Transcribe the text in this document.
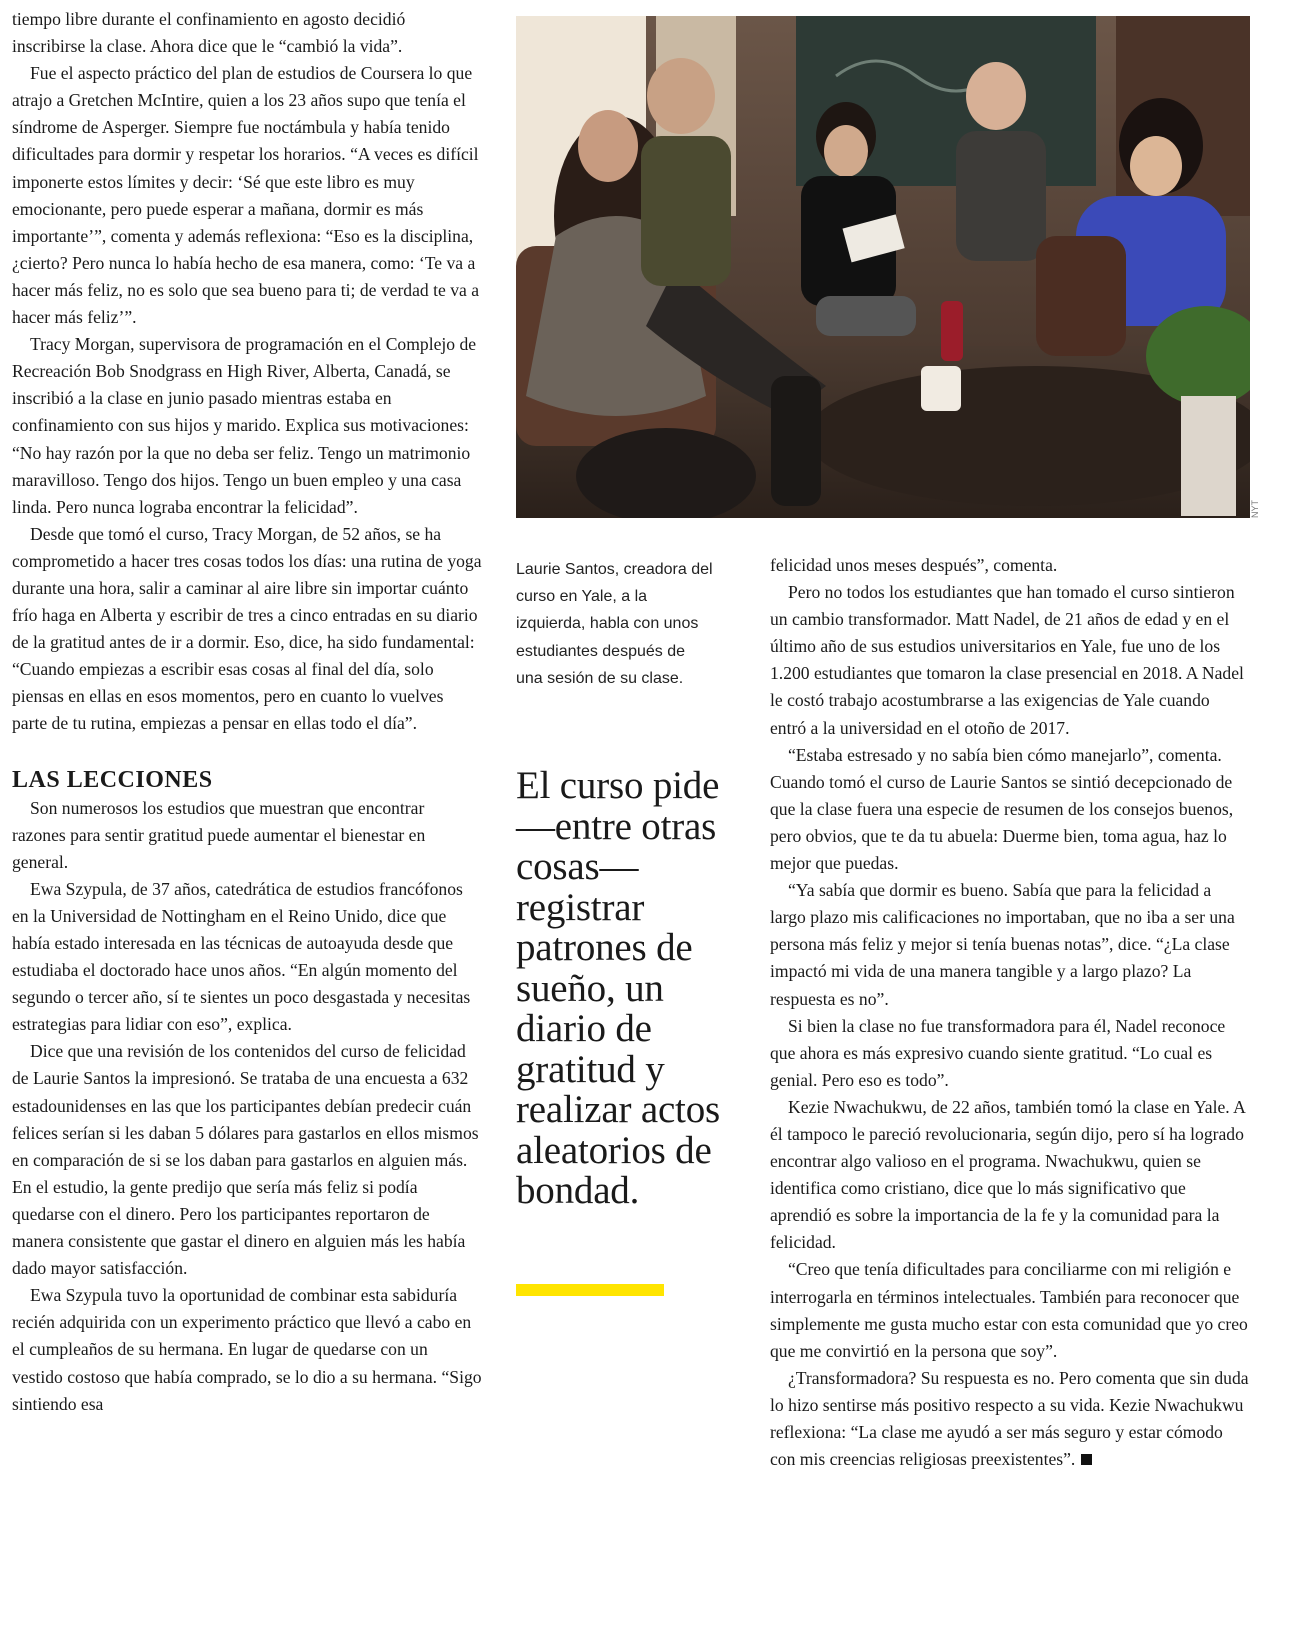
tiempo libre durante el confinamiento en agosto decidió inscribirse la clase. Ahora dice que le “cambió la vida”.

Fue el aspecto práctico del plan de estudios de Coursera lo que atrajo a Gretchen McIntire, quien a los 23 años supo que tenía el síndrome de Asperger. Siempre fue noctámbula y había tenido dificultades para dormir y respetar los horarios. “A veces es difícil imponerte estos límites y decir: ‘Sé que este libro es muy emocionante, pero puede esperar a mañana, dormir es más importante’”, comenta y además reflexiona: “Eso es la disciplina, ¿cierto? Pero nunca lo había hecho de esa manera, como: ‘Te va a hacer más feliz, no es solo que sea bueno para ti; de verdad te va a hacer más feliz’”.

Tracy Morgan, supervisora de programación en el Complejo de Recreación Bob Snodgrass en High River, Alberta, Canadá, se inscribió a la clase en junio pasado mientras estaba en confinamiento con sus hijos y marido. Explica sus motivaciones: “No hay razón por la que no deba ser feliz. Tengo un matrimonio maravilloso. Tengo dos hijos. Tengo un buen empleo y una casa linda. Pero nunca lograba encontrar la felicidad”.

Desde que tomó el curso, Tracy Morgan, de 52 años, se ha comprometido a hacer tres cosas todos los días: una rutina de yoga durante una hora, salir a caminar al aire libre sin importar cuánto frío haga en Alberta y escribir de tres a cinco entradas en su diario de la gratitud antes de ir a dormir. Eso, dice, ha sido fundamental: “Cuando empiezas a escribir esas cosas al final del día, solo piensas en ellas en esos momentos, pero en cuanto lo vuelves parte de tu rutina, empiezas a pensar en ellas todo el día”.

LAS LECCIONES

Son numerosos los estudios que muestran que encontrar razones para sentir gratitud puede aumentar el bienestar en general.

Ewa Szypula, de 37 años, catedrática de estudios francófonos en la Universidad de Nottingham en el Reino Unido, dice que había estado interesada en las técnicas de autoayuda desde que estudiaba el doctorado hace unos años. “En algún momento del segundo o tercer año, sí te sientes un poco desgastada y necesitas estrategias para lidiar con eso”, explica.

Dice que una revisión de los contenidos del curso de felicidad de Laurie Santos la impresionó. Se trataba de una encuesta a 632 estadounidenses en las que los participantes debían predecir cuán felices serían si les daban 5 dólares para gastarlos en ellos mismos en comparación de si se los daban para gastarlos en alguien más. En el estudio, la gente predijo que sería más feliz si podía quedarse con el dinero. Pero los participantes reportaron de manera consistente que gastar el dinero en alguien más les había dado mayor satisfacción.

Ewa Szypula tuvo la oportunidad de combinar esta sabiduría recién adquirida con un experimento práctico que llevó a cabo en el cumpleaños de su hermana. En lugar de quedarse con un vestido costoso que había comprado, se lo dio a su hermana. “Sigo sintiendo esa

NYT
Laurie Santos, creadora del curso en Yale, a la izquierda, habla con unos estudiantes después de una sesión de su clase.
El curso pide —entre otras cosas— registrar patrones de sueño, un diario de gratitud y realizar actos aleatorios de bondad.

felicidad unos meses después”, comenta.

Pero no todos los estudiantes que han tomado el curso sintieron un cambio transformador. Matt Nadel, de 21 años de edad y en el último año de sus estudios universitarios en Yale, fue uno de los 1.200 estudiantes que tomaron la clase presencial en 2018. A Nadel le costó trabajo acostumbrarse a las exigencias de Yale cuando entró a la universidad en el otoño de 2017.

“Estaba estresado y no sabía bien cómo manejarlo”, comenta. Cuando tomó el curso de Laurie Santos se sintió decepcionado de que la clase fuera una especie de resumen de los consejos buenos, pero obvios, que te da tu abuela: Duerme bien, toma agua, haz lo mejor que puedas.

“Ya sabía que dormir es bueno. Sabía que para la felicidad a largo plazo mis calificaciones no importaban, que no iba a ser una persona más feliz y mejor si tenía buenas notas”, dice. “¿La clase impactó mi vida de una manera tangible y a largo plazo? La respuesta es no”.

Si bien la clase no fue transformadora para él, Nadel reconoce que ahora es más expresivo cuando siente gratitud. “Lo cual es genial. Pero eso es todo”.

Kezie Nwachukwu, de 22 años, también tomó la clase en Yale. A él tampoco le pareció revolucionaria, según dijo, pero sí ha logrado encontrar algo valioso en el programa. Nwachukwu, quien se identifica como cristiano, dice que lo más significativo que aprendió es sobre la importancia de la fe y la comunidad para la felicidad.

“Creo que tenía dificultades para conciliarme con mi religión e interrogarla en términos intelectuales. También para reconocer que simplemente me gusta mucho estar con esta comunidad que yo creo que me convirtió en la persona que soy”.

¿Transformadora? Su respuesta es no. Pero comenta que sin duda lo hizo sentirse más positivo respecto a su vida. Kezie Nwachukwu reflexiona: “La clase me ayudó a ser más seguro y estar cómodo con mis creencias religiosas preexistentes”.
